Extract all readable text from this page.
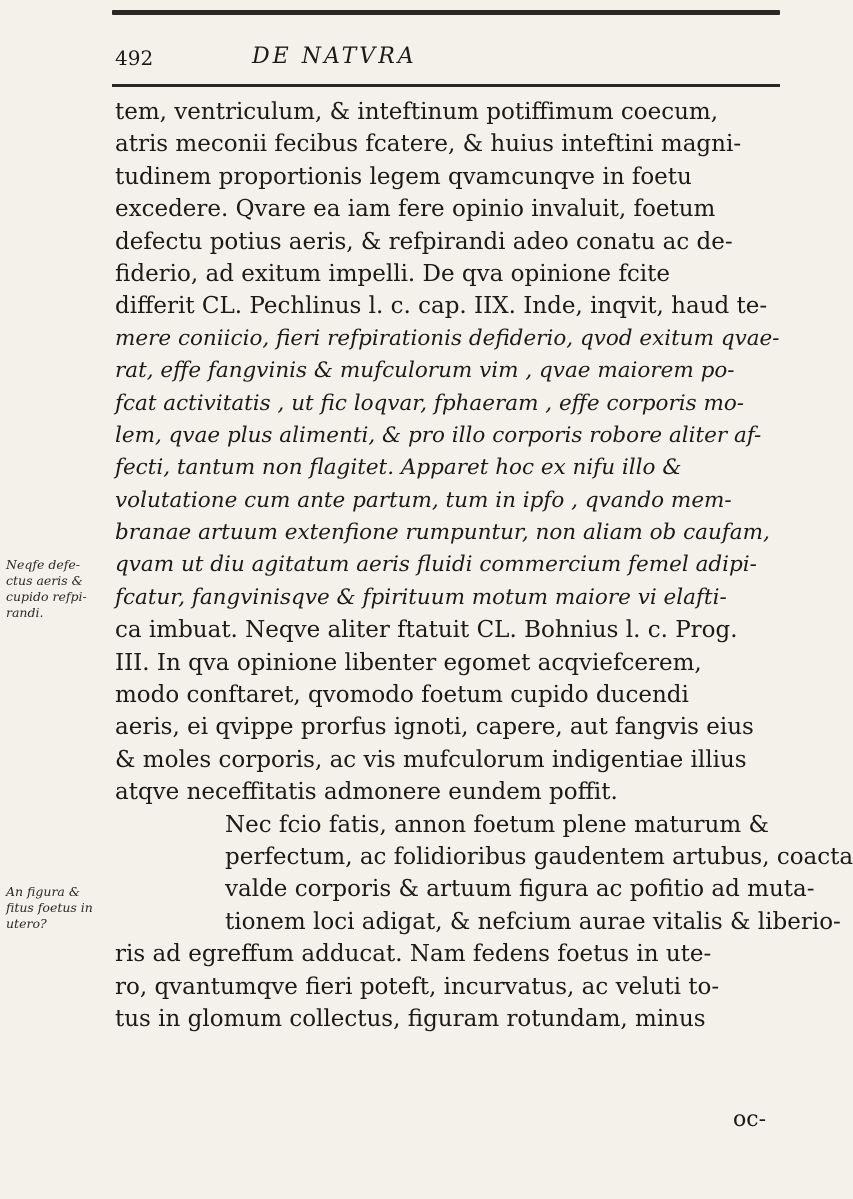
492	DE NATVRA
tem, ventriculum, & inteftinum potiffimum coecum,
atris meconii fecibus fcatere, & huius inteftini magni-
tudinem proportionis legem qvamcunqve in foetu
excedere. Qvare ea iam fere opinio invaluit, foetum
defectu potius aeris, & refpirandi adeo conatu ac de-
fiderio, ad exitum impelli. De qva opinione fcite
differit CL. Pechlinus l. c. cap. IIX. Inde, inqvit, haud te-
mere coniicio, fieri refpirationis defiderio, qvod exitum qvae-
rat, effe fangvinis & mufculorum vim , qvae maiorem po-
fcat activitatis , ut fic loqvar, fphaeram , effe corporis mo-
lem, qvae plus alimenti, & pro illo corporis robore aliter af-
fecti, tantum non flagitet. Apparet hoc ex nifu illo &
volutatione cum ante partum, tum in ipfo , qvando mem-
branae artuum extenfione rumpuntur, non aliam ob caufam,
qvam ut diu agitatum aeris fluidi commercium femel adipi-
fcatur, fangvinisqve & fpirituum motum maiore vi elafti-
ca imbuat. Neqve aliter ftatuit CL. Bohnius l. c. Prog.
III. In qva opinione libenter egomet acqviefcerem,
modo conftaret, qvomodo foetum cupido ducendi
aeris, ei qvippe prorfus ignoti, capere, aut fangvis eius
& moles corporis, ac vis mufculorum indigentiae illius
atqve neceffitatis admonere eundem poffit.
Nec fcio fatis, annon foetum plene maturum &
perfectum, ac folidioribus gaudentem artubus, coacta
valde corporis & artuum figura ac pofitio ad muta-
tionem loci adigat, & nefcium aurae vitalis & liberio-
ris ad egreffum adducat. Nam fedens foetus in ute-
ro, qvantumqve fieri poteft, incurvatus, ac veluti to-
tus in glomum collectus, figuram rotundam, minus
Neqfe defe-
ctus aeris &
cupido refpi-
randi.
An figura &
fitus foetus in
utero?
oc-
